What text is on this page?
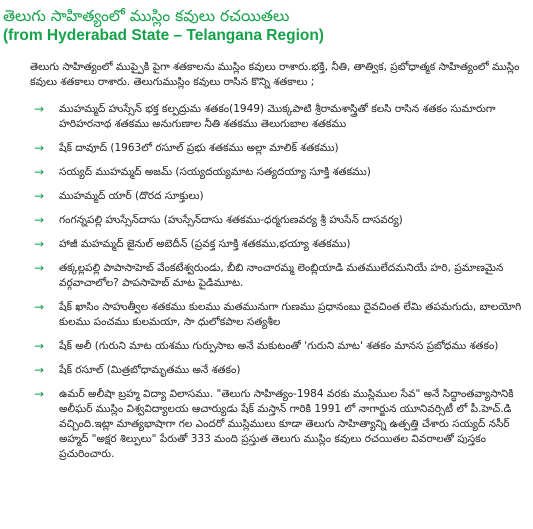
తెలుగు సాహిత్యంలో ముస్లిం కవులు రచయితలు
(from Hyderabad State – Telangana Region)

తెలుగు సాహిత్యంలో ముప్పైకి పైగా శతకాలను ముస్లిం కవులు రాశారు.భక్తి, నీతి, తాత్విక, ప్రబోధాత్మక సాహిత్యంలో ముస్లిం కవులు శతకాలు రాశారు. తెలుగుముస్లిం కవులు రాసిన కొన్ని శతకాలు ;

→ ముహమ్మద్ హుస్సేన్ భక్త కల్పద్రుమ శతకం(1949) మొక్కపాటి శ్రీరామశాస్త్రితో కలసి రాసిన శతకం సుమారుగా హరిహరనాథ శతకము అనుగుణాల నీతి శతకము తెలుగుబాల శతకము
→ షేక్ దావూద్ (1963లో రసూల్ ప్రభు శతకము అల్లా మాలిక్ శతకము)
→ సయ్యద్ ముహమ్మద్ అజమ్ (సయ్యదయ్యమాట సత్యదయ్యా సూక్తి శతకము)
→ ముహమ్మద్ యార్ (దొరద సూక్తులు)
→ గంగన్నపల్లి హుస్సేన్‌దాసు (హుస్సేన్‌దాసు శతకము-ధర్మగుణవర్య శ్రీ హుసేన్ దాసవర్య)
→ హాజీ మహమ్మద్ జైనుల్ అబెదీన్ (ప్రవక్త సూక్తి శతకము,భయ్యా శతకము)
→ తక్కల్లపల్లి పాపాసాహెబ్ వేంకటేశ్వరుండు, బీబి నాంచారమ్మ లెంబ్లియాడి మతములేదమనియే హరి, ప్రమాణమైన వర్గవాచాలోల? పాపసాహెబ్ మాట పైడిమూట.
→ షేక్ ఖాసిం సాహుత్వీల శతకము కులము మతమునుగా గుణము ప్రధానంబు దైవచింత లేమి తపమగుదు, బాలయోగి కులము పంచము కులమయా, సా ధులోకపాల సత్యశీల
→ షేక్ అలీ (గురుని మాట యశము గుర్పుసాబ అనే మకుటంతో 'గురుని మాట' శతకం మానస ప్రబోధము శతకం)
→ షేక్ రసూల్ (మిత్రబోధామృతము అనే శతకం)
→ ఉమర్ అలీషా బ్రహ్మ విద్యా విలాసము. "తెలుగు సాహిత్యం-1984 వరకు ముస్లిముల సేవ" అనే సిద్ధాంతవ్యాసానికి అలీఘర్ ముస్లిం విశ్వవిద్యాలయ ఆచార్యుడు షేక్ మస్తాన్ గారికి 1991 లో నాగార్జున యూనివర్సిటీ లో పీ.హెచ్.డి వచ్చింది.ఇట్లా మాత్యభాషాగా గల ఎందరో ముస్లిములు కూడా తెలుగు సాహిత్యాన్ని ఉత్పత్తి చేశారు సయ్యద్ నసీర్ అహ్మద్ "అక్షర శిల్పులు" పేరుతో 333 మంది ప్రస్తుత తెలుగు ముస్లిం కవులు రచయితల వివరాలతో పుస్తకం ప్రచురించారు.
